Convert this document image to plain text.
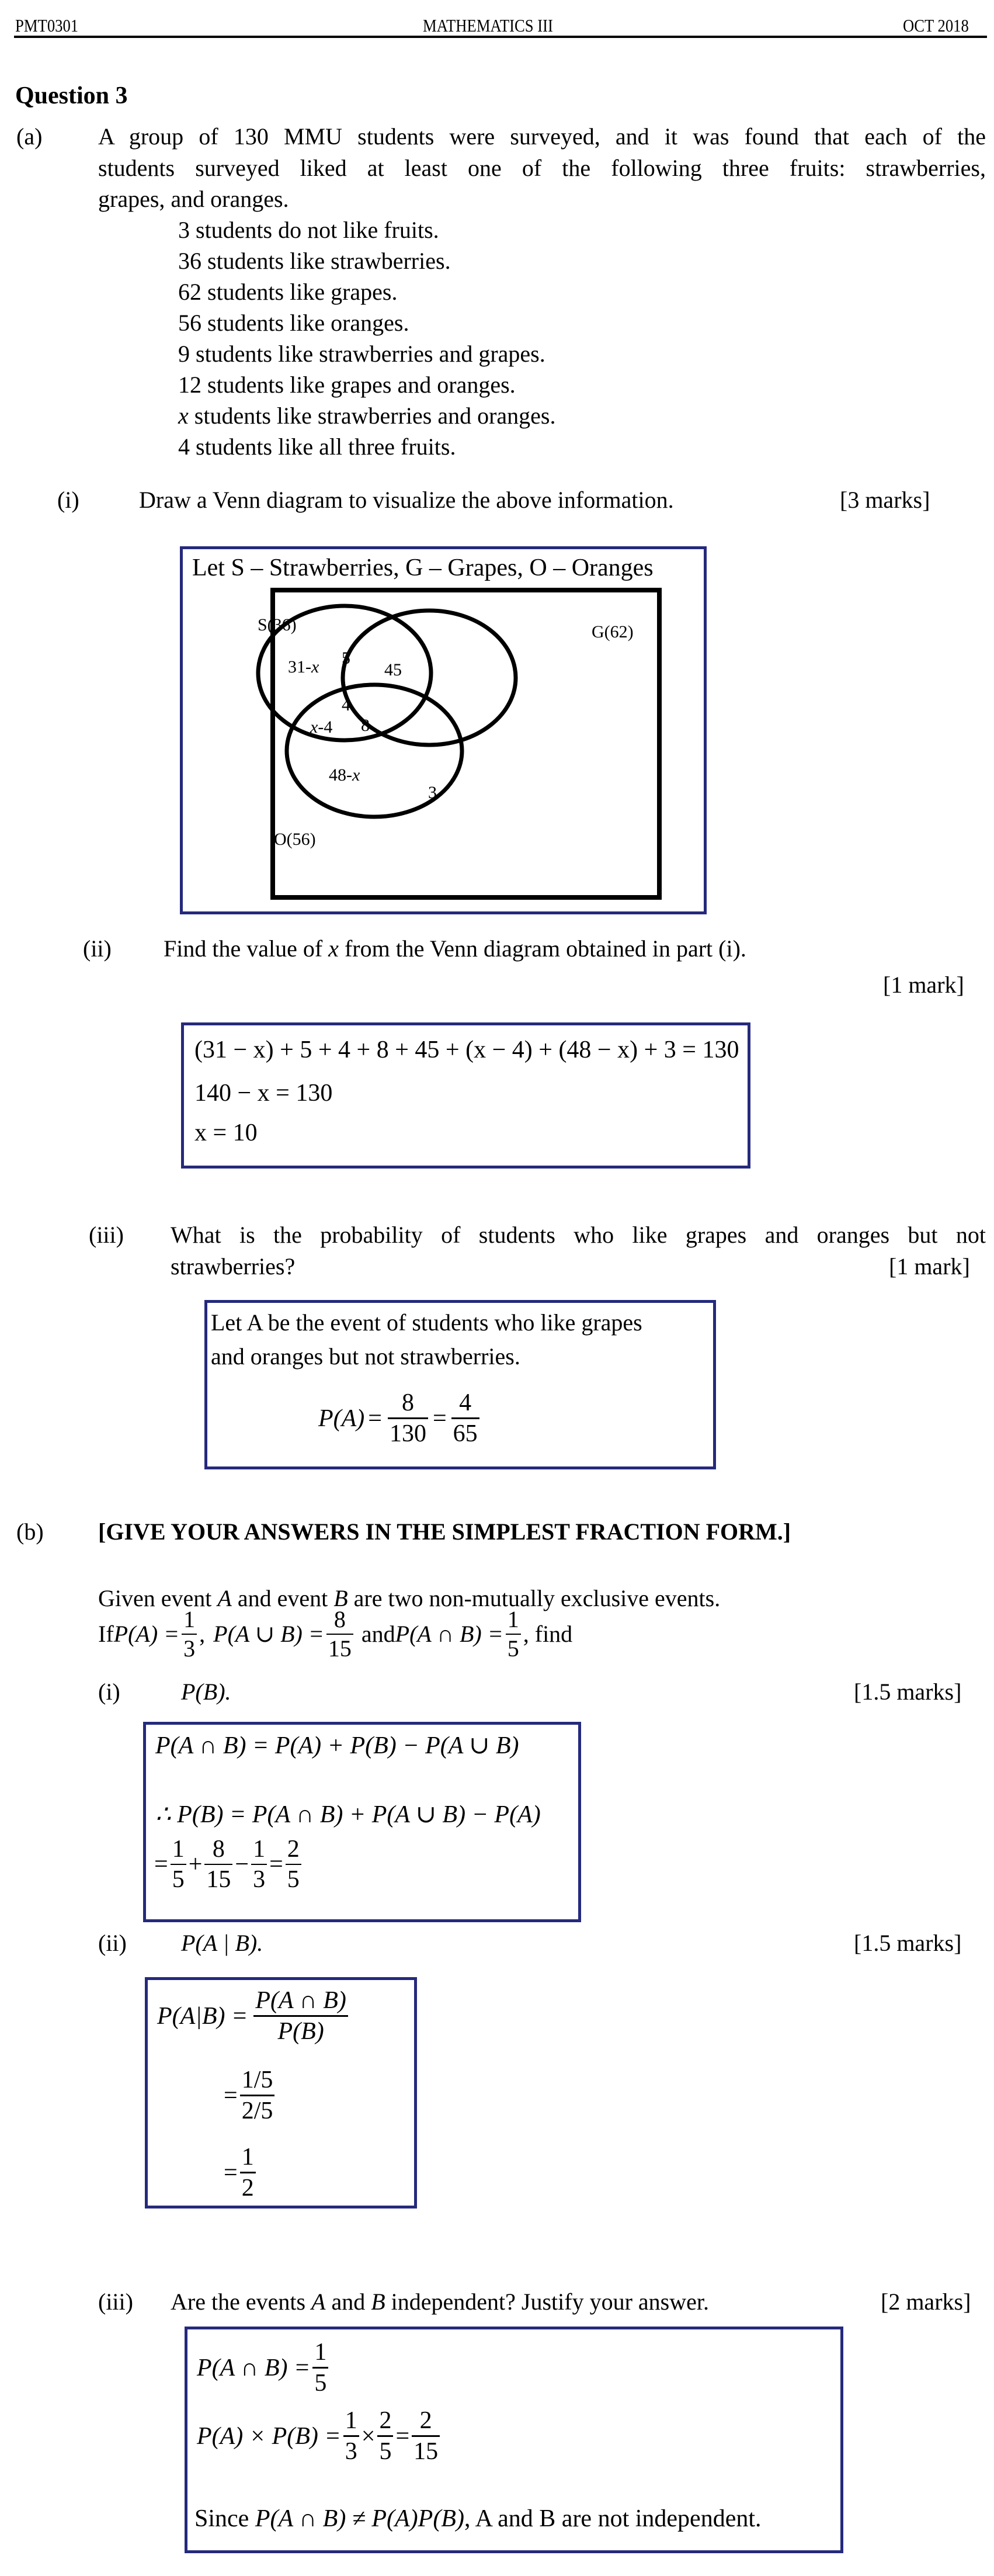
PMT0301	MATHEMATICS III	OCT 2018
Question 3
(a) A group of 130 MMU students were surveyed, and it was found that each of the
students surveyed liked at least one of the following three fruits: strawberries,
grapes, and oranges.
3 students do not like fruits.
36 students like strawberries.
62 students like grapes.
56 students like oranges.
9 students like strawberries and grapes.
12 students like grapes and oranges.
x students like strawberries and oranges.
4 students like all three fruits.
(i)	Draw a Venn diagram to visualize the above information.	[3 marks]
Let S – Strawberries, G – Grapes, O – Oranges
S(36)	G(62)
O(56)
31-x 5
45
4
x-4 8
48-x
3
(ii) Find the value of x from the Venn diagram obtained in part (i).
[1 mark]
(31 − x) + 5 + 4 + 8 + 45 + (x − 4) + (48 − x) + 3 = 130
140 − x = 130
x = 10
(iii) What is the probability of students who like grapes and oranges but not
strawberries?	[1 mark]
Let A be the event of students who like grapes
and oranges but not strawberries.
$P(A) = \frac{8}{130} = \frac{4}{65}$
(b) [GIVE YOUR ANSWERS IN THE SIMPLEST FRACTION FORM.]
Given event A and event B are two non-mutually exclusive events.
If $P(A) = \frac{1}{3}$ , P(A ∪ $B) = \frac{8}{15}$ and P(A ∩ $B) = \frac{1}{5}$ , find
(i)	P(B).	[1.5 marks]
P(A ∩ B) = P(A) + P(B) − P(A ∪ B)
∴ P(B) = P(A ∩ B) + P(A ∪ B) − P(A)
= $\frac{1}{5} + \frac{8}{15} - \frac{1}{3} = \frac{2}{5}$
(ii) P(A | B).	[1.5 marks]
$P(A|B) = \frac{P(A \cap B)}{P(B)}$
= $\frac{1/5}{2/5}$
= $\frac{1}{2}$
(iii) Are the events A and B independent? Justify your answer.	[2 marks]
P(A ∩ $B) = \frac{1}{5}$
$P(A) \times P(B) = \frac{1}{3} \times \frac{2}{5} = \frac{2}{15}$
Since P(A ∩ B) ≠ P(A)P(B), A and B are not independent.
